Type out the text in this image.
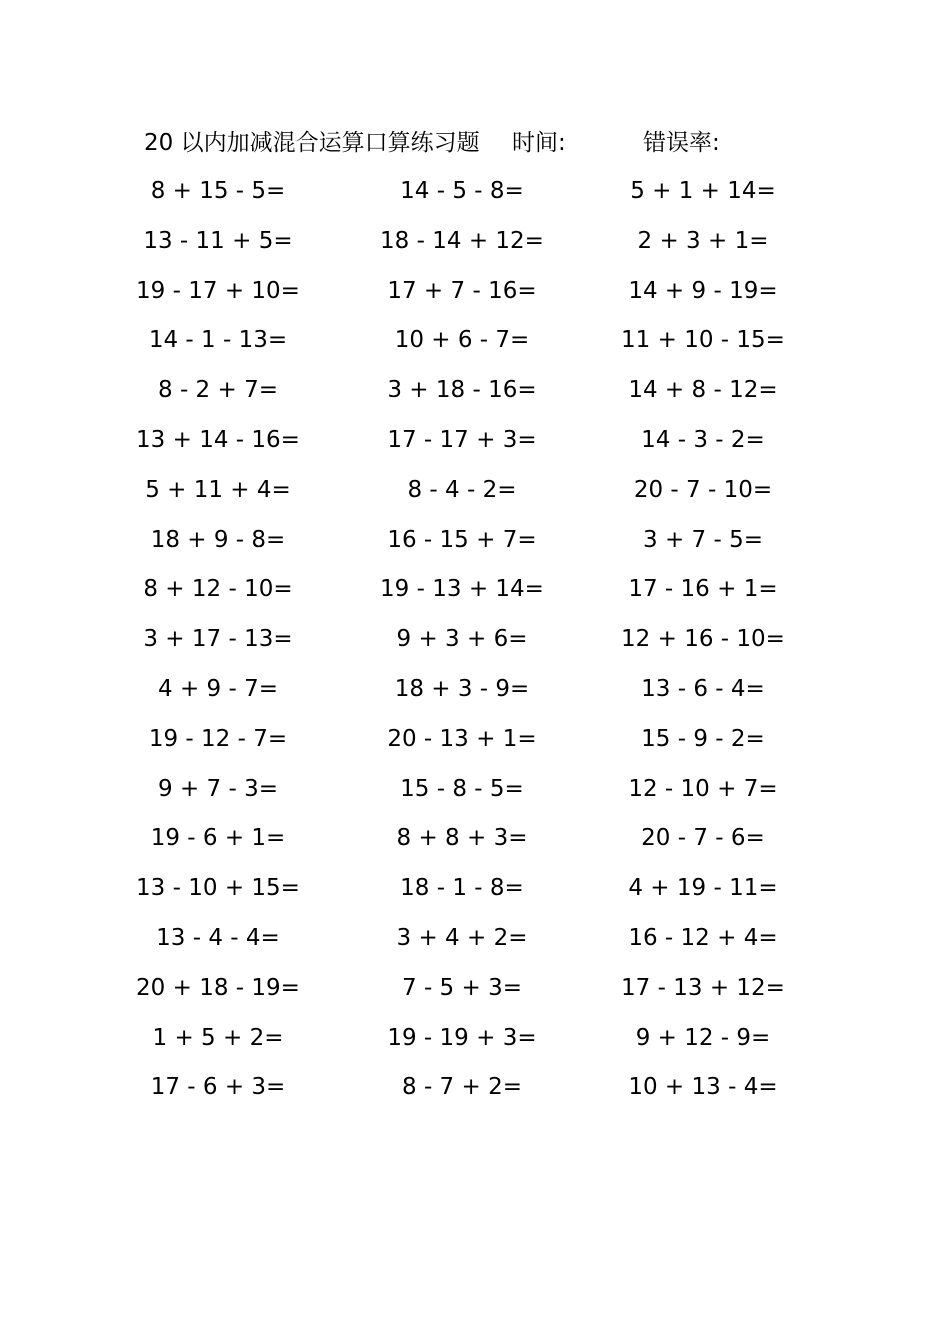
20 以内加减混合运算口算练习题 时间:	错误率:
8 + 15 - 5=	14 - 5 - 8=	5 + 1 + 14=
13 - 11 + 5=	18 - 14 + 12=	2 + 3 + 1=
19 - 17 + 10=	17 + 7 - 16=	14 + 9 - 19=
14 - 1 - 13=	10 + 6 - 7=	11 + 10 - 15=
8 - 2 + 7=	3 + 18 - 16=	14 + 8 - 12=
13 + 14 - 16=	17 - 17 + 3=	14 - 3 - 2=
5 + 11 + 4=	8 - 4 - 2=	20 - 7 - 10=
18 + 9 - 8=	16 - 15 + 7=	3 + 7 - 5=
8 + 12 - 10=	19 - 13 + 14=	17 - 16 + 1=
3 + 17 - 13=	9 + 3 + 6=	12 + 16 - 10=
4 + 9 - 7=	18 + 3 - 9=	13 - 6 - 4=
19 - 12 - 7=	20 - 13 + 1=	15 - 9 - 2=
9 + 7 - 3=	15 - 8 - 5=	12 - 10 + 7=
19 - 6 + 1=	8 + 8 + 3=	20 - 7 - 6=
13 - 10 + 15=	18 - 1 - 8=	4 + 19 - 11=
13 - 4 - 4=	3 + 4 + 2=	16 - 12 + 4=
20 + 18 - 19=	7 - 5 + 3=	17 - 13 + 12=
1 + 5 + 2=	19 - 19 + 3=	9 + 12 - 9=
17 - 6 + 3=	8 - 7 + 2=	10 + 13 - 4=
